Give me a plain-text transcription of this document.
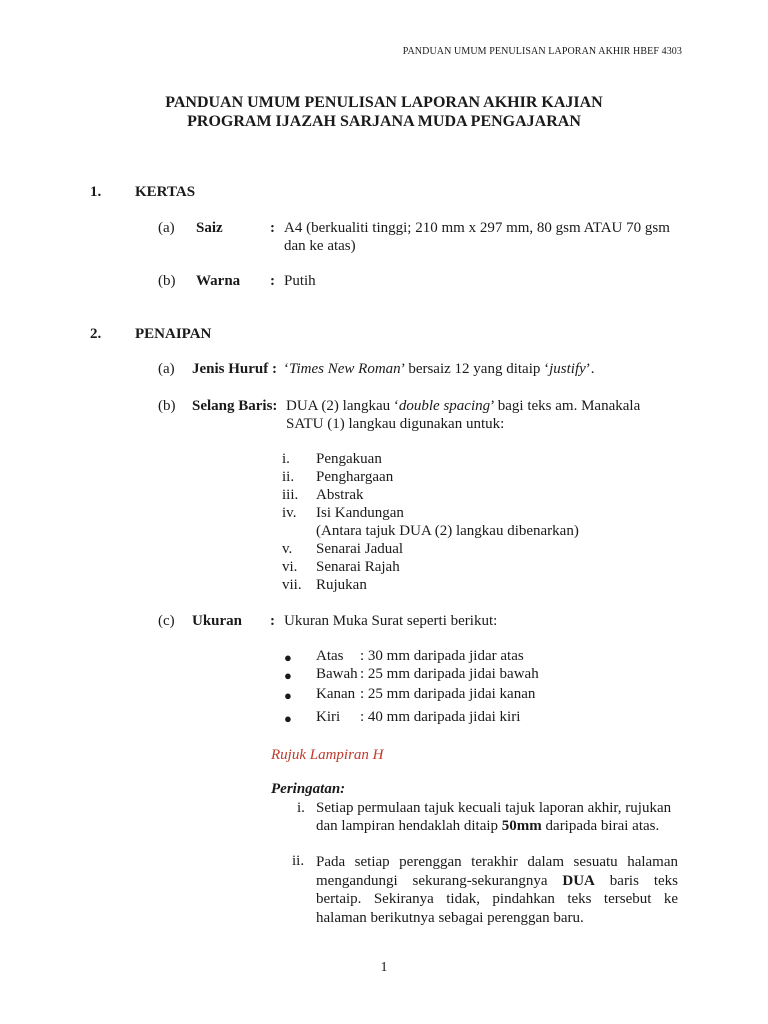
PANDUAN UMUM PENULISAN LAPORAN AKHIR HBEF 4303
PANDUAN UMUM PENULISAN LAPORAN AKHIR KAJIAN
PROGRAM IJAZAH SARJANA MUDA PENGAJARAN
1. KERTAS
(a) Saiz	: A4 (berkualiti tinggi; 210 mm x 297 mm, 80 gsm ATAU 70 gsm
dan ke atas)
(b) Warna : Putih
2. PENAIPAN
(a) Jenis Huruf : ‘Times New Roman’ bersaiz 12 yang ditaip ‘justify’.
(b) Selang Baris: DUA (2) langkau ‘double spacing’ bagi teks am. Manakala
SATU (1) langkau digunakan untuk:
i. Pengakuan
ii. Penghargaan
iii. Abstrak
iv. Isi Kandungan
(Antara tajuk DUA (2) langkau dibenarkan)
v. Senarai Jadual
vi. Senarai Rajah
vii. Rujukan
(c) Ukuran : Ukuran Muka Surat seperti berikut:
● Atas : 30 mm daripada jidar atas
● Bawah : 25 mm daripada jidai bawah
● Kanan : 25 mm daripada jidai kanan
● Kiri : 40 mm daripada jidai kiri
Rujuk Lampiran H
Peringatan:
i. Setiap permulaan tajuk kecuali tajuk laporan akhir, rujukan
dan lampiran hendaklah ditaip 50mm daripada birai atas.
ii. Pada setiap perenggan terakhir dalam sesuatu halaman
mengandungi sekurang-sekurangnya DUA baris teks
bertaip. Sekiranya tidak, pindahkan teks tersebut ke
halaman berikutnya sebagai perenggan baru.
1
